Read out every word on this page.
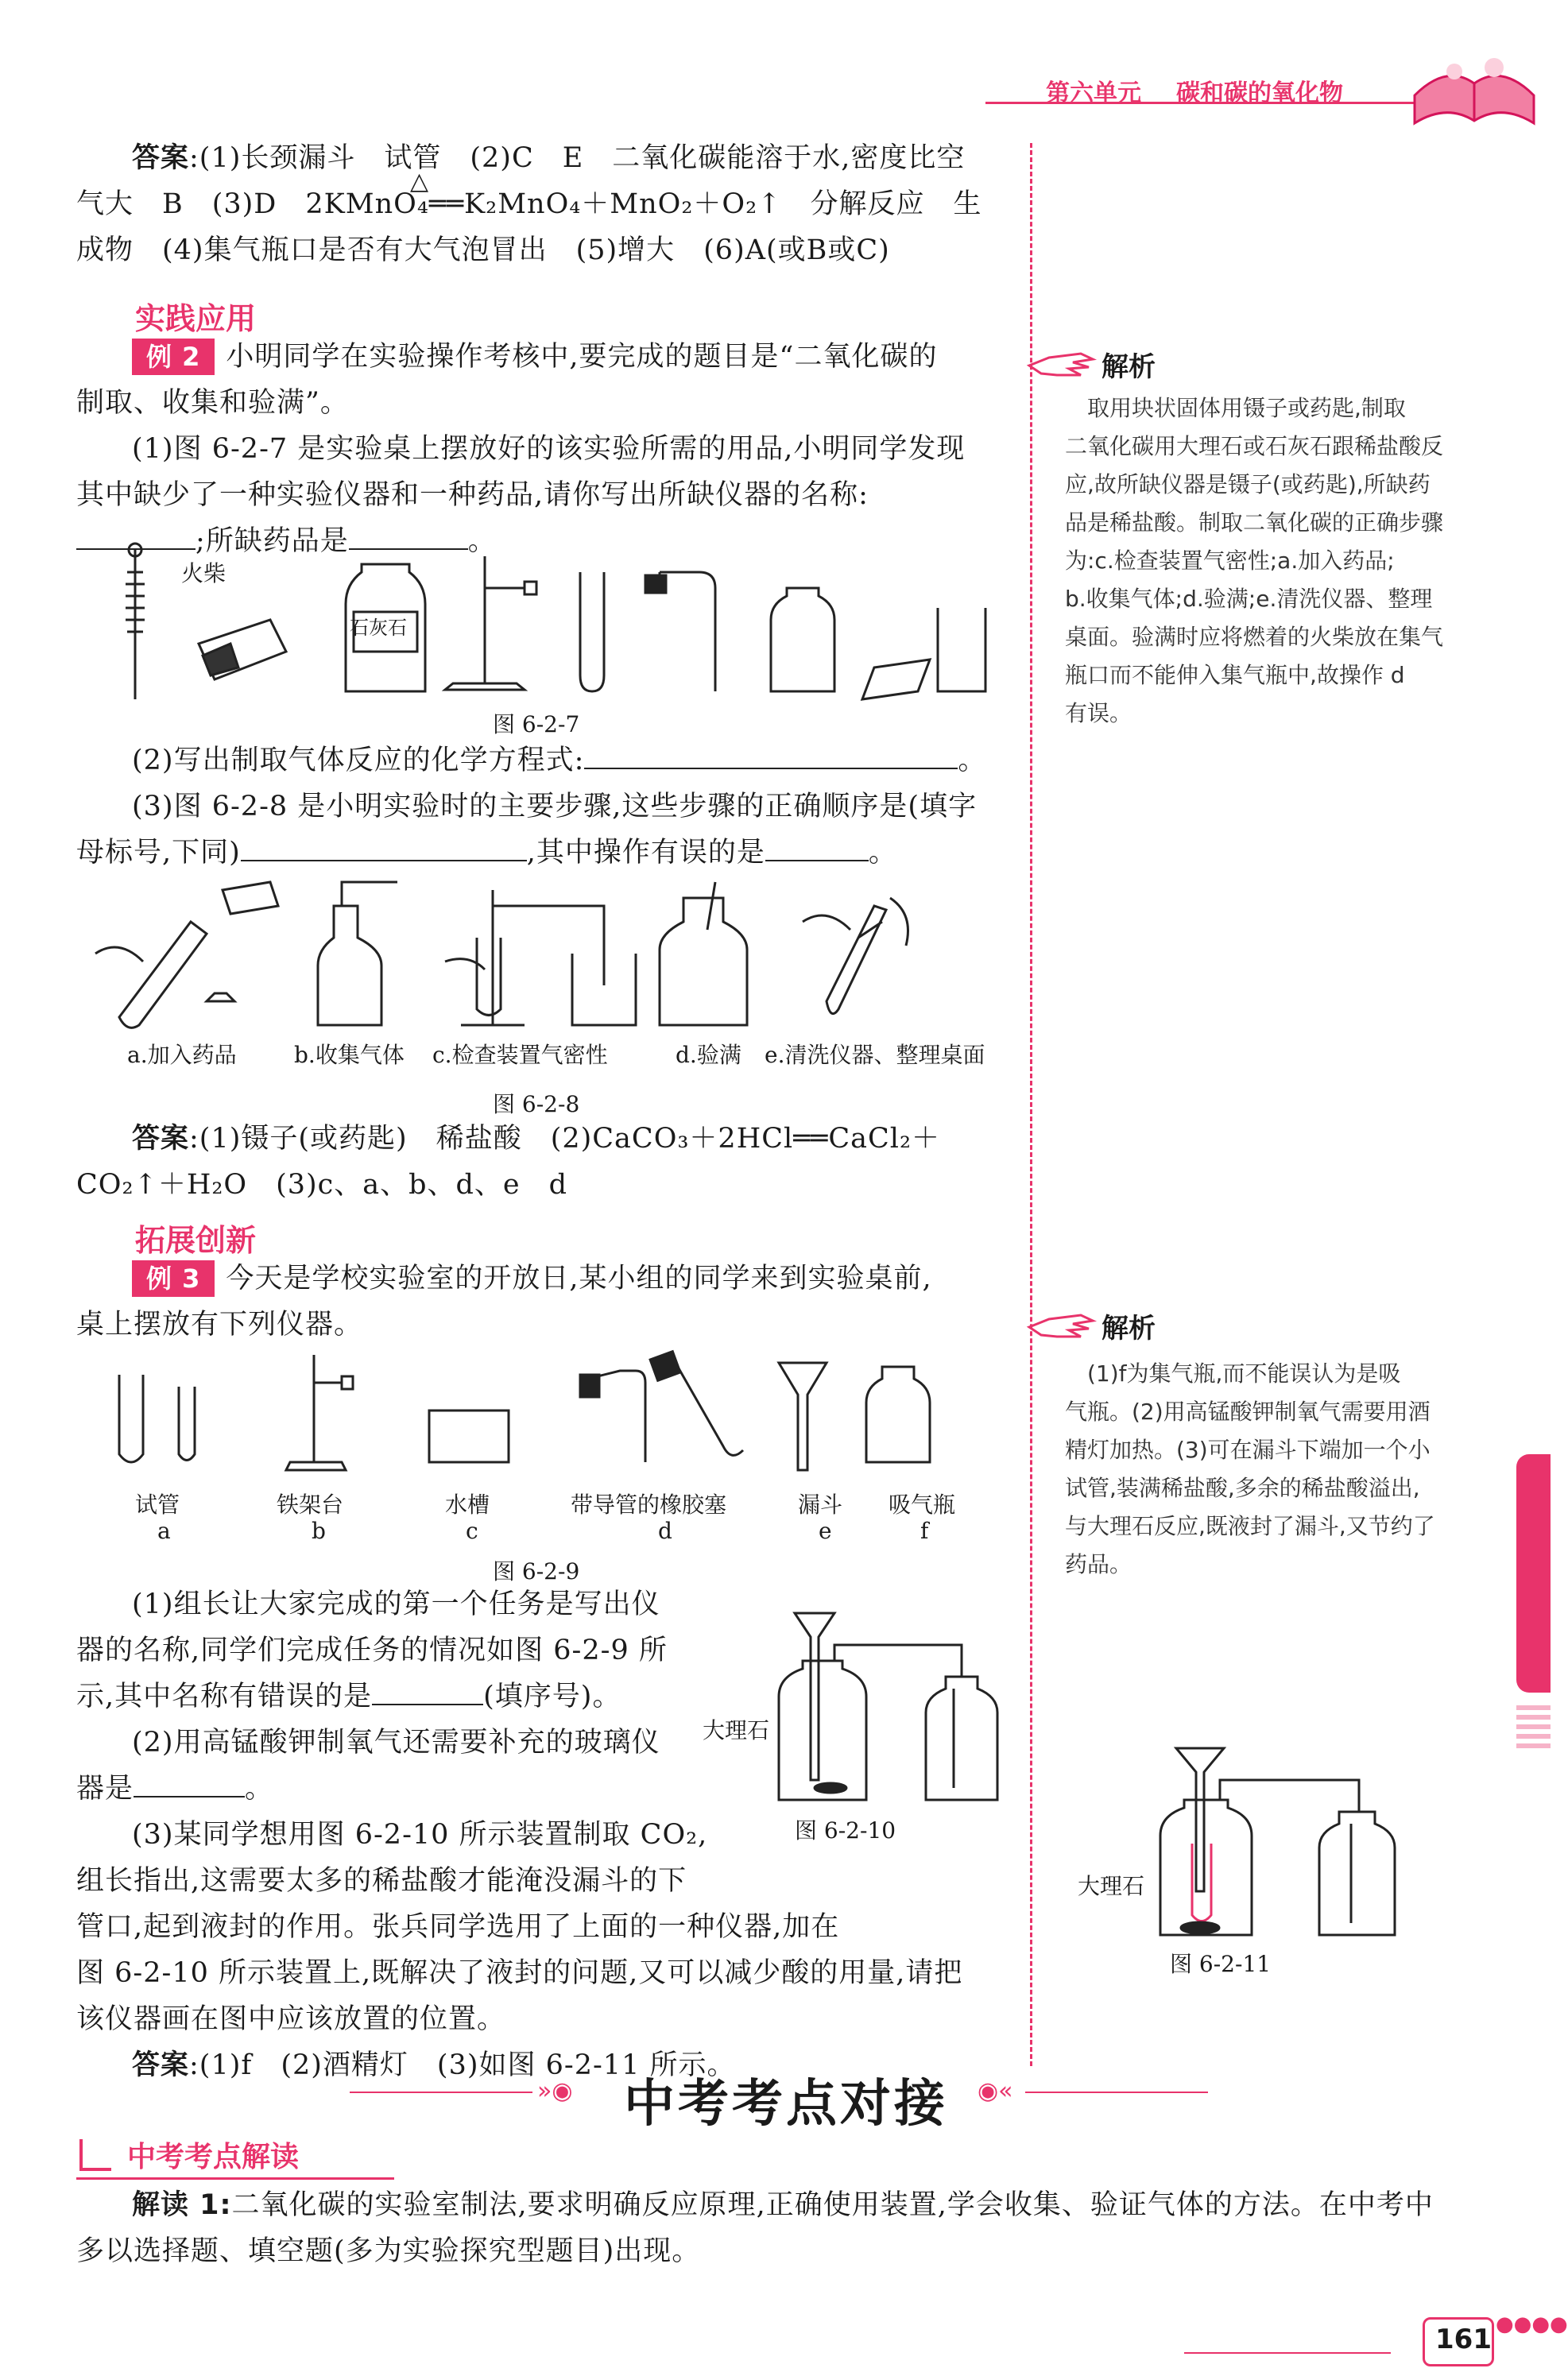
第六单元 碳和碳的氧化物
答案:(1)长颈漏斗　试管　(2)C　E　二氧化碳能溶于水,密度比空
气大　B　(3)D　2KMnO₄══K₂MnO₄＋MnO₂＋O₂↑　分解反应　生
△
成物　(4)集气瓶口是否有大气泡冒出　(5)增大　(6)A(或B或C)
实践应用
例 2 小明同学在实验操作考核中,要完成的题目是“二氧化碳的
制取、收集和验满”。
(1)图 6-2-7 是实验桌上摆放好的该实验所需的用品,小明同学发现
其中缺少了一种实验仪器和一种药品,请你写出所缺仪器的名称:
;所缺药品是	。
火柴
石灰石
图 6-2-7
(2)写出制取气体反应的化学方程式:	。
(3)图 6-2-8 是小明实验时的主要步骤,这些步骤的正确顺序是(填字
母标号,下同)	,其中操作有误的是	。
a.加入药品	b.收集气体 c.检查装置气密性	d.验满 e.清洗仪器、整理桌面
图 6-2-8
答案:(1)镊子(或药匙)　稀盐酸　(2)CaCO₃＋2HCl══CaCl₂＋
CO₂↑＋H₂O　(3)c、a、b、d、e　d
拓展创新
例 3 今天是学校实验室的开放日,某小组的同学来到实验桌前,
桌上摆放有下列仪器。
试管
a
铁架台
b
水槽
c
带导管的橡胶塞
d
漏斗
e
吸气瓶
f
图 6-2-9
(1)组长让大家完成的第一个任务是写出仪
器的名称,同学们完成任务的情况如图 6-2-9 所
示,其中名称有错误的是	(填序号)。
(2)用高锰酸钾制氧气还需要补充的玻璃仪
器是	。
(3)某同学想用图 6-2-10 所示装置制取 CO₂,
组长指出,这需要太多的稀盐酸才能淹没漏斗的下
管口,起到液封的作用。张兵同学选用了上面的一种仪器,加在
图 6-2-10 所示装置上,既解决了液封的问题,又可以减少酸的用量,请把
该仪器画在图中应该放置的位置。
答案:(1)f　(2)酒精灯　(3)如图 6-2-11 所示。
大理石
图 6-2-10
解析
　取用块状固体用镊子或药匙,制取
二氧化碳用大理石或石灰石跟稀盐酸反
应,故所缺仪器是镊子(或药匙),所缺药
品是稀盐酸。制取二氧化碳的正确步骤
为:c.检查装置气密性;a.加入药品;
b.收集气体;d.验满;e.清洗仪器、整理
桌面。验满时应将燃着的火柴放在集气
瓶口而不能伸入集气瓶中,故操作 d
有误。
解析
　(1)f为集气瓶,而不能误认为是吸
气瓶。(2)用高锰酸钾制氧气需要用酒
精灯加热。(3)可在漏斗下端加一个小
试管,装满稀盐酸,多余的稀盐酸溢出,
与大理石反应,既液封了漏斗,又节约了
药品。
大理石
图 6-2-11
»◉	◉«
中考考点对接
中考考点解读
解读 1:二氧化碳的实验室制法,要求明确反应原理,正确使用装置,学会收集、验证气体的方法。在中考中
多以选择题、填空题(多为实验探究型题目)出现。
161 ●●●●
